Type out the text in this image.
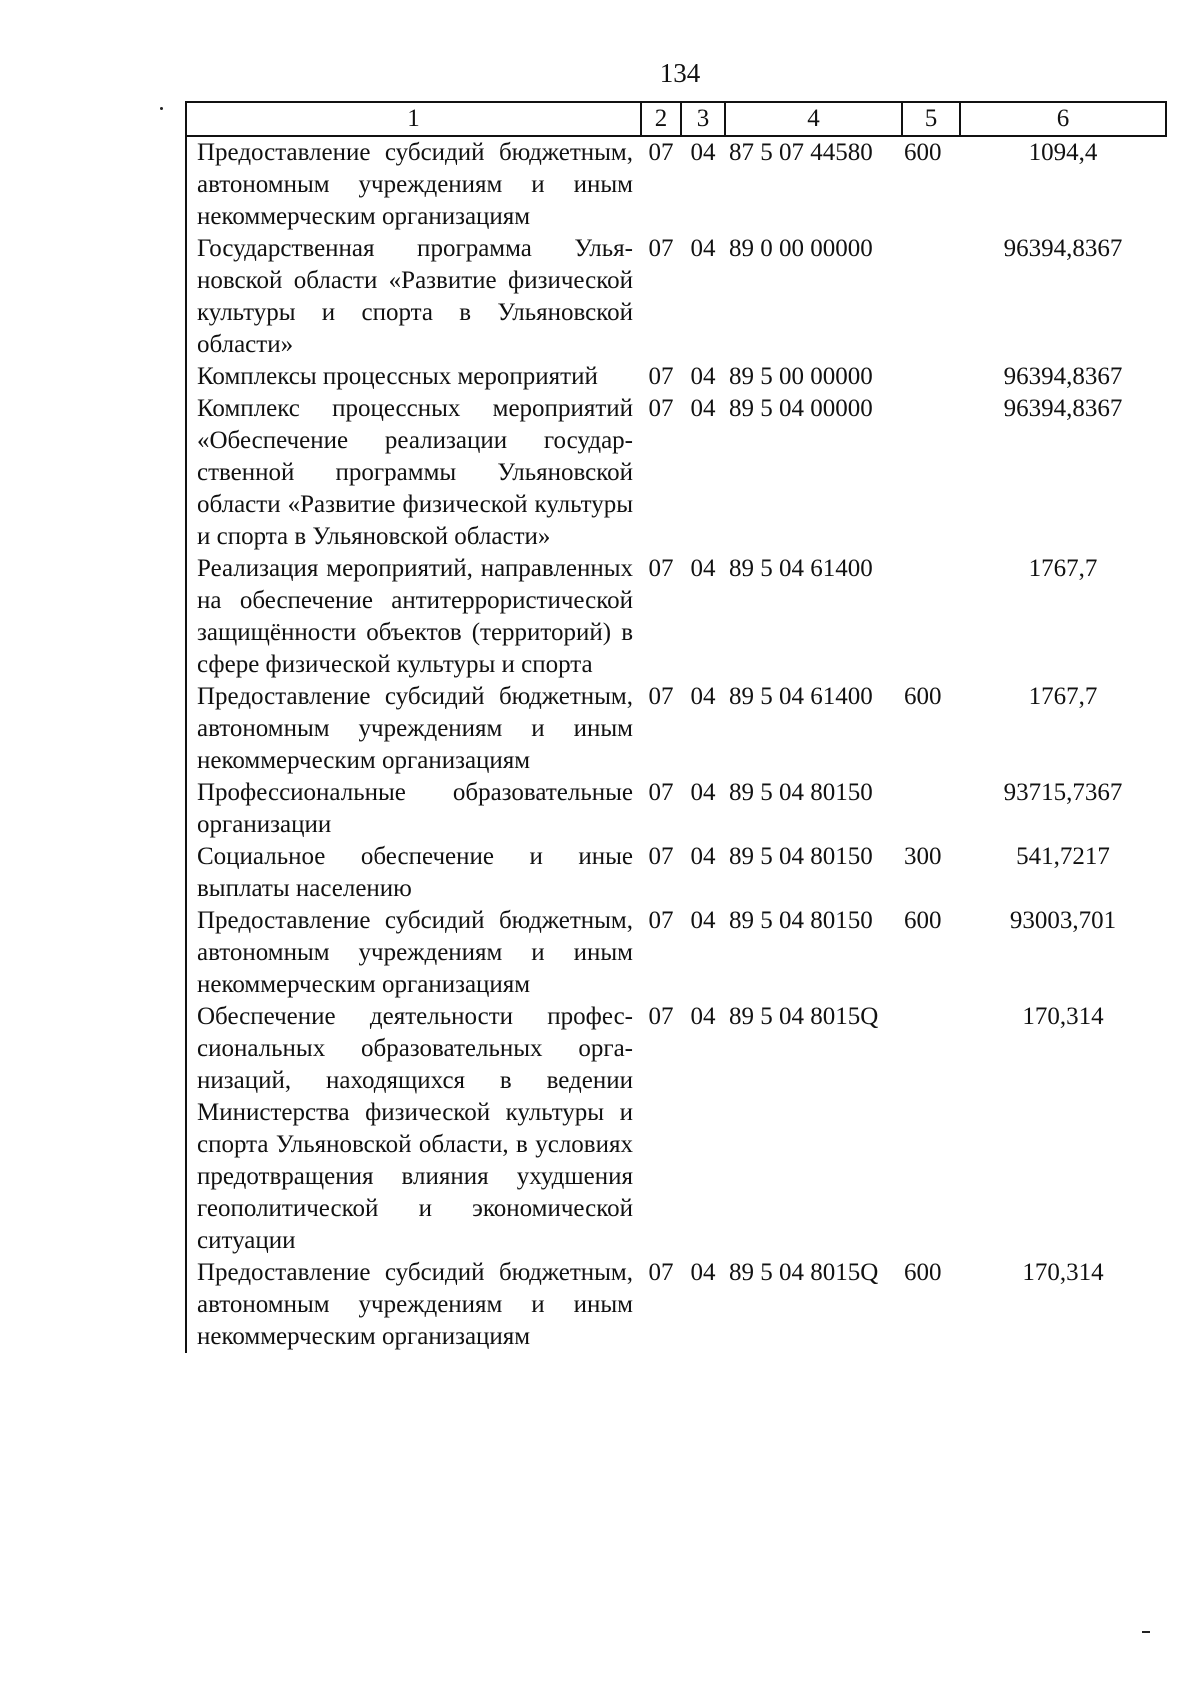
134
1	2	3	4	5	6
Предоставление субсидий бюджетным, автономным учреждениям и иным некоммерческим организациям	07	04	87 5 07 44580	600	1094,4
Государственная программа Ульяновской области «Развитие физической культуры и спорта в Ульяновской области»	07	04	89 0 00 00000		96394,8367
Комплексы процессных мероприятий	07	04	89 5 00 00000		96394,8367
Комплекс процессных мероприятий «Обеспечение реализации государственной программы Ульяновской области «Развитие физической культуры и спорта в Ульяновской области»	07	04	89 5 04 00000		96394,8367
Реализация мероприятий, направленных на обеспечение антитеррористической защищённости объектов (территорий) в сфере физической культуры и спорта	07	04	89 5 04 61400		1767,7
Предоставление субсидий бюджетным, автономным учреждениям и иным некоммерческим организациям	07	04	89 5 04 61400	600	1767,7
Профессиональные образовательные организации	07	04	89 5 04 80150		93715,7367
Социальное обеспечение и иные выплаты населению	07	04	89 5 04 80150	300	541,7217
Предоставление субсидий бюджетным, автономным учреждениям и иным некоммерческим организациям	07	04	89 5 04 80150	600	93003,701
Обеспечение деятельности профессиональных образовательных организаций, находящихся в ведении Министерства физической культуры и спорта Ульяновской области, в условиях предотвращения влияния ухудшения геополитической и экономической ситуации	07	04	89 5 04 8015Q		170,314
Предоставление субсидий бюджетным, автономным учреждениям и иным некоммерческим организациям	07	04	89 5 04 8015Q	600	170,314
